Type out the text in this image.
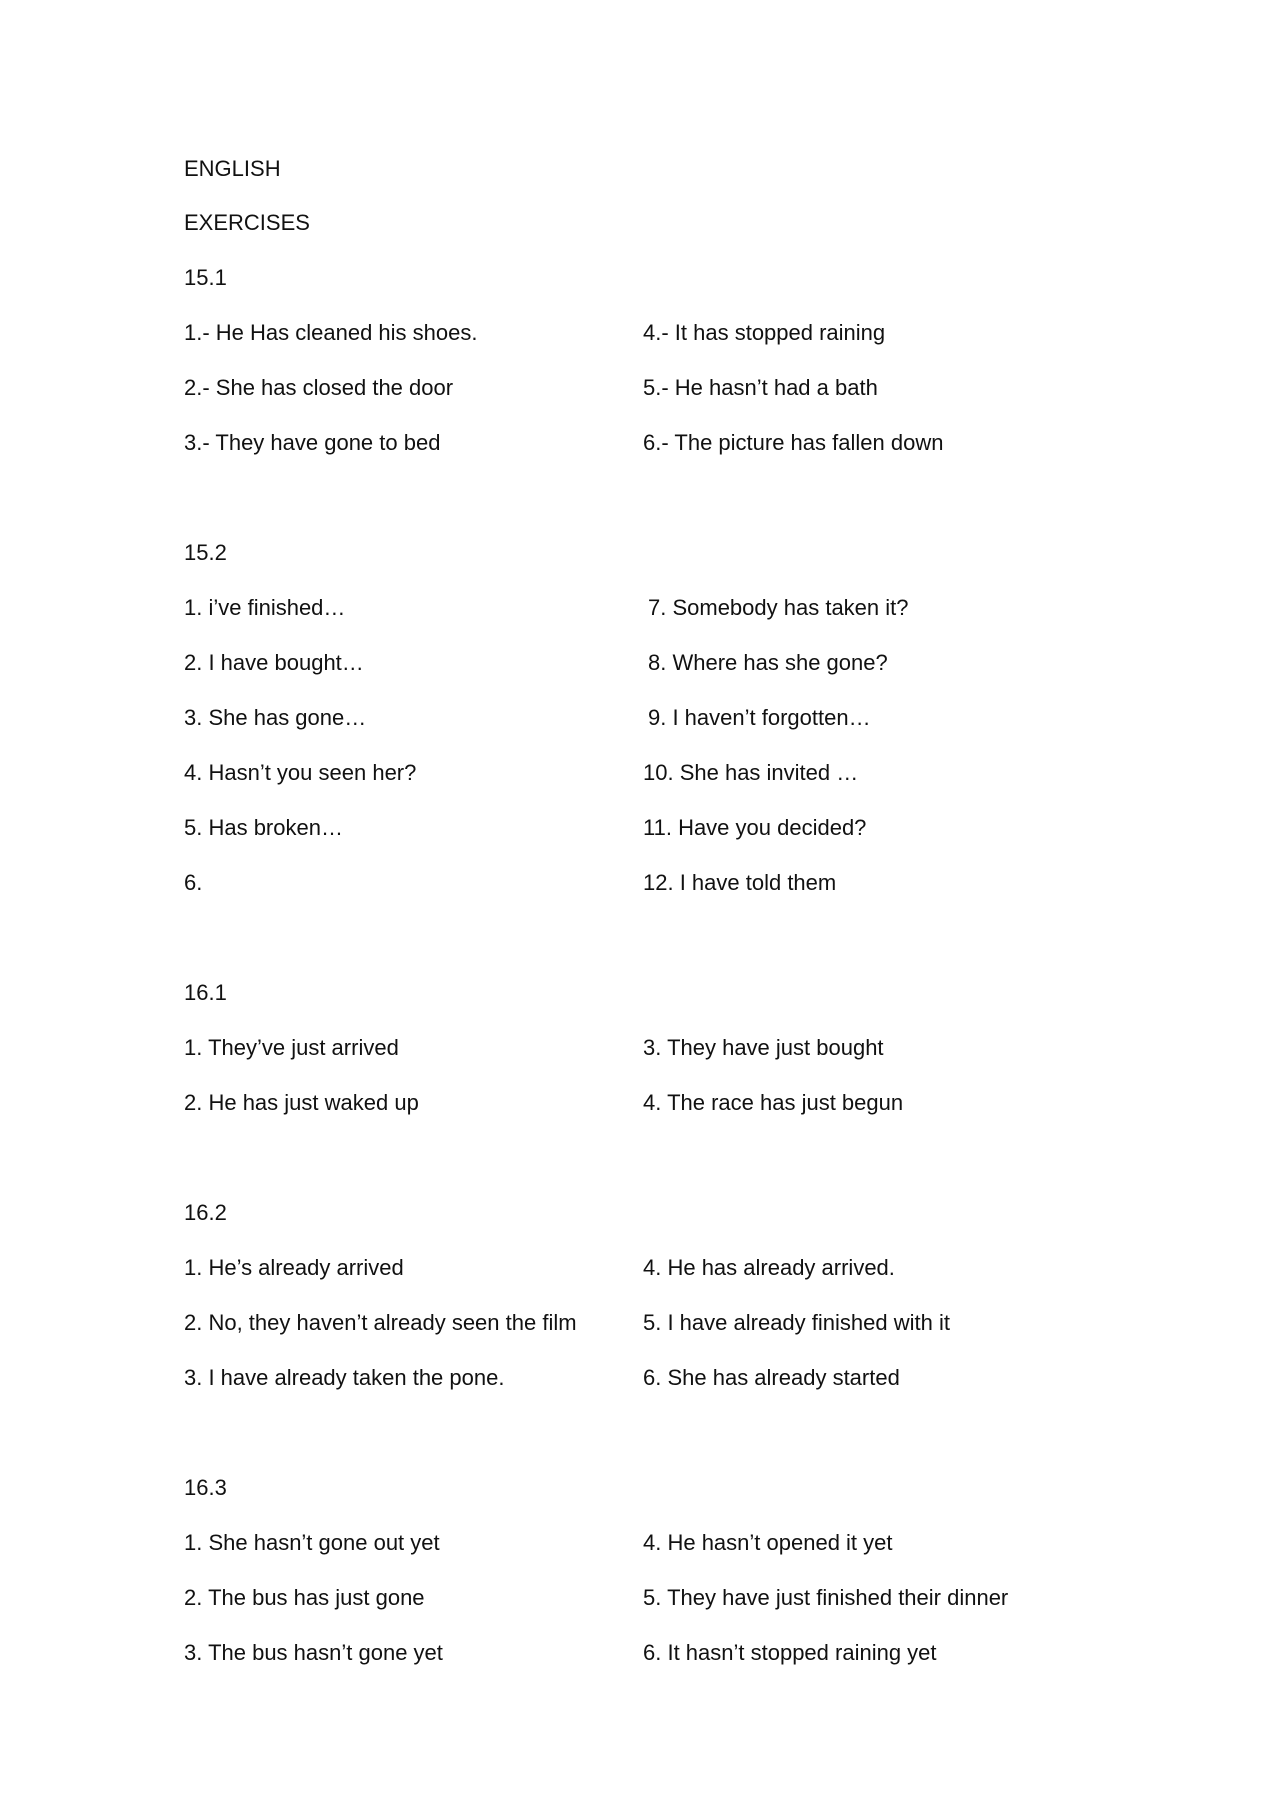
ENGLISH
EXERCISES
15.1
1.- He Has cleaned his shoes.
2.- She has closed the door
3.- They have gone to bed
4.- It has stopped raining
5.- He hasn’t had a bath
6.- The picture has fallen down
15.2
1. i’ve finished…
2. I have bought…
3. She has gone…
4. Hasn’t you seen her?
5. Has broken…
6.
7. Somebody has taken it?
8. Where has she gone?
9. I haven’t forgotten…
10. She has invited …
11. Have you decided?
12. I have told them
16.1
1. They’ve just arrived
2. He has just waked up
3. They have just bought
4. The race has just begun
16.2
1. He’s already arrived
2. No, they haven’t already seen the film
3. I have already taken the pone.
4. He has already arrived.
5. I have already finished with it
6. She has already started
16.3
1. She hasn’t gone out yet
2. The bus has just gone
3. The bus hasn’t gone yet
4. He hasn’t opened it yet
5. They have just finished their dinner
6. It hasn’t stopped raining yet
